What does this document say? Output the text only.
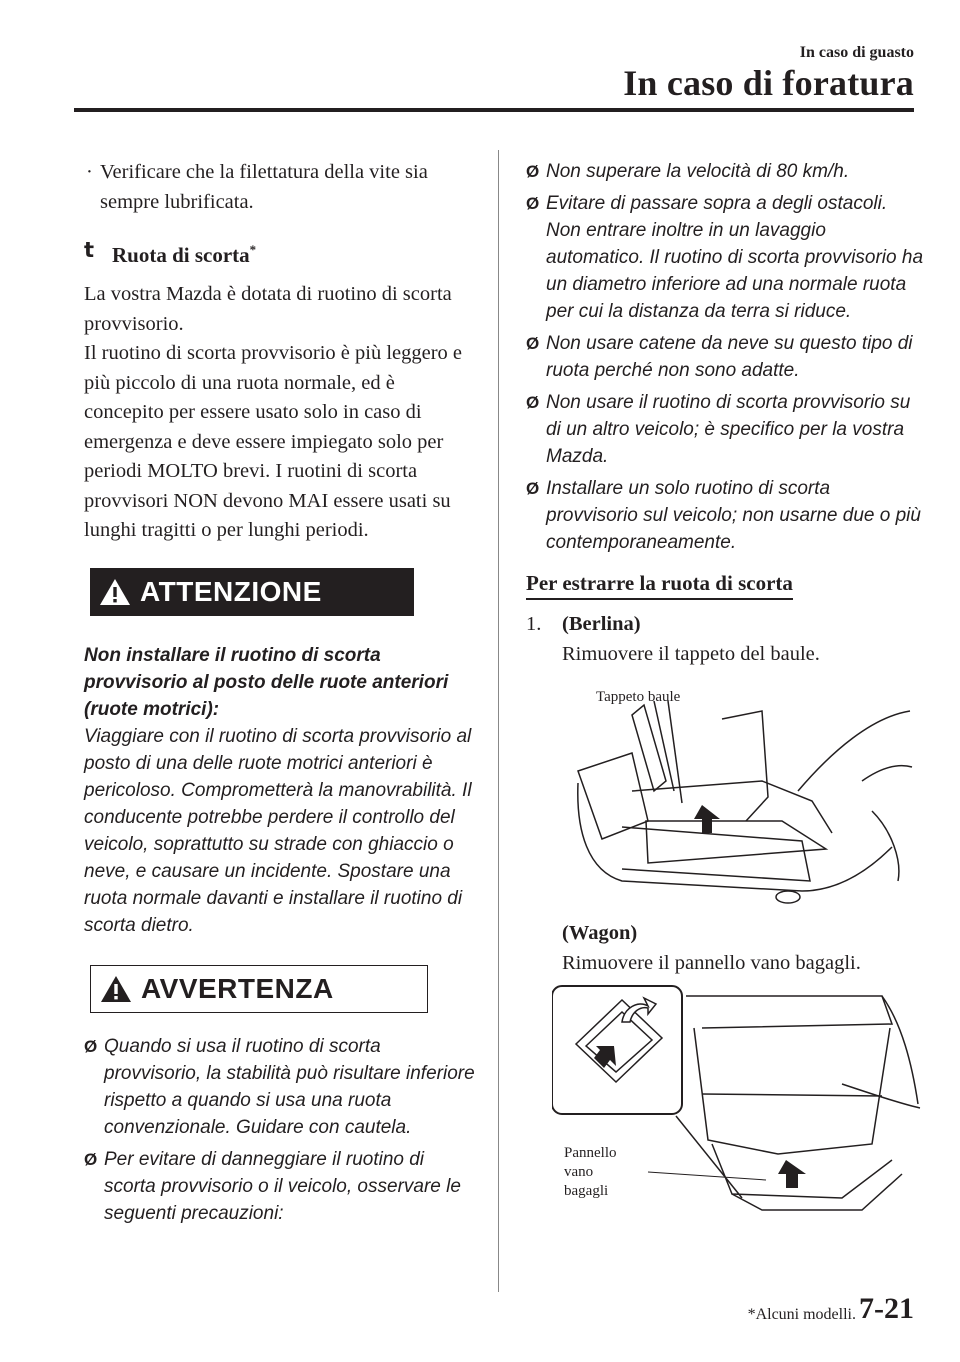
In caso di guasto
In caso di foratura
· Verificare che la filettatura della vite sia sempre lubrificata.
t Ruota di scorta*

La vostra Mazda è dotata di ruotino di scorta provvisorio.

Il ruotino di scorta provvisorio è più leggero e più piccolo di una ruota normale, ed è concepito per essere usato solo in caso di emergenza e deve essere impiegato solo per periodi MOLTO brevi. I ruotini di scorta provvisori NON devono MAI essere usati su lunghi tragitti o per lunghi periodi.

ATTENZIONE

Non installare il ruotino di scorta provvisorio al posto delle ruote anteriori (ruote motrici):

Viaggiare con il ruotino di scorta provvisorio al posto di una delle ruote motrici anteriori è pericoloso. Comprometterà la manovrabilità. Il conducente potrebbe perdere il controllo del veicolo, soprattutto su strade con ghiaccio o neve, e causare un incidente. Spostare una ruota normale davanti e installare il ruotino di scorta dietro.

AVVERTENZA
Ø Quando si usa il ruotino di scorta provvisorio, la stabilità può risultare inferiore rispetto a quando si usa una ruota convenzionale. Guidare con cautela.
Ø Per evitare di danneggiare il ruotino di scorta provvisorio o il veicolo, osservare le seguenti precauzioni:
Ø Non superare la velocità di 80 km/h.
Ø Evitare di passare sopra a degli ostacoli. Non entrare inoltre in un lavaggio automatico. Il ruotino di scorta provvisorio ha un diametro inferiore ad una normale ruota per cui la distanza da terra si riduce.
Ø Non usare catene da neve su questo tipo di ruota perché non sono adatte.
Ø Non usare il ruotino di scorta provvisorio su di un altro veicolo; è specifico per la vostra Mazda.
Ø Installare un solo ruotino di scorta provvisorio sul veicolo; non usarne due o più contemporaneamente.
Per estrarre la ruota di scorta
1. (Berlina)
Rimuovere il tappeto del baule.
Tappeto baule
(Wagon)
Rimuovere il pannello vano bagagli.
Pannello
vano
bagagli
*Alcuni modelli. 7-21
